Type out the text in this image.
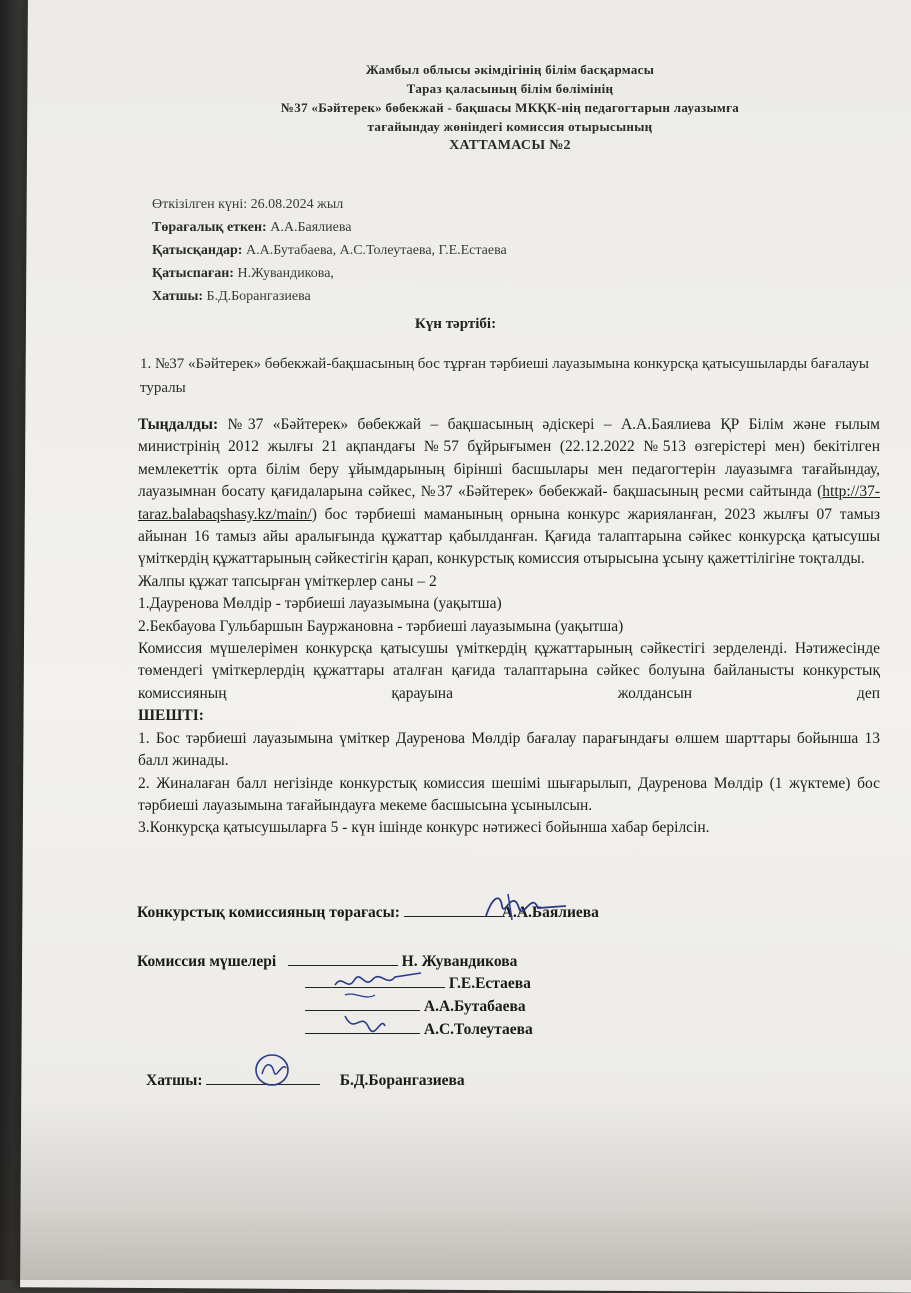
Жамбыл облысы әкімдігінің білім басқармасы
Тараз қаласының білім бөлімінің
№37 «Бәйтерек» бөбекжай - бақшасы МКҚК-нің педагогтарын лауазымға
тағайындау жөніндегі комиссия отырысының
ХАТТАМАСЫ №2
Өткізілген күні: 26.08.2024 жыл
Төрағалық еткен: А.А.Баялиева
Қатысқандар: А.А.Бутабаева, А.С.Толеутаева, Г.Е.Естаева
Қатыспаған: Н.Жувандикова,
Хатшы: Б.Д.Борангазиева
Күн тәртібі:
1. №37 «Бәйтерек» бөбекжай-бақшасының бос тұрған тәрбиеші лауазымына конкурсқа қатысушыларды бағалауы туралы

Тыңдалды: №37 «Бәйтерек» бөбекжай – бақшасының әдіскері – А.А.Баялиева ҚР Білім және ғылым министрінің 2012 жылғы 21 ақпандағы №57 бұйрығымен (22.12.2022 №513 өзгерістері мен) бекітілген мемлекеттік орта білім беру ұйымдарының бірінші басшылары мен педагогтерін лауазымға тағайындау, лауазымнан босату қағидаларына сәйкес, №37 «Бәйтерек» бөбекжай- бақшасының ресми сайтында (http://37-taraz.balabaqshasy.kz/main/) бос тәрбиеші маманының орнына конкурс жарияланған, 2023 жылғы 07 тамыз айынан 16 тамыз айы аралығында құжаттар қабылданған. Қағида талаптарына сәйкес конкурсқа қатысушы үміткердің құжаттарының сәйкестігін қарап, конкурстық комиссия отырысына ұсыну қажеттілігіне тоқталды.

Жалпы құжат тапсырған үміткерлер саны – 2

1.Дауренова Мөлдір - тәрбиеші лауазымына (уақытша)

2.Бекбауова Гульбаршын Бауржановна - тәрбиеші лауазымына (уақытша)

Комиссия мүшелерімен конкурсқа қатысушы үміткердің құжаттарының сәйкестігі зерделенді. Нәтижесінде төмендегі үміткерлердің құжаттары аталған қағида талаптарына сәйкес болуына байланысты конкурстық комиссияның қарауына жолдансын деп

ШЕШТІ:

1. Бос тәрбиеші лауазымына үміткер Дауренова Мөлдір бағалау парағындағы өлшем шарттары бойынша 13 балл жинады.

2. Жиналаған балл негізінде конкурстық комиссия шешімі шығарылып, Дауренова Мөлдір (1 жүктеме) бос тәрбиеші лауазымына тағайындауға мекеме басшысына ұсынылсын.

3.Конкурсқа қатысушыларға 5 - күн ішінде конкурс нәтижесі бойынша хабар берілсін.

Конкурстық комиссияның төрағасы:	А.А.Баялиева
Комиссия мүшелері	Н. Жувандикова
Г.Е.Естаева
А.А.Бутабаева
А.С.Толеутаева
Хатшы:	Б.Д.Борангазиева
